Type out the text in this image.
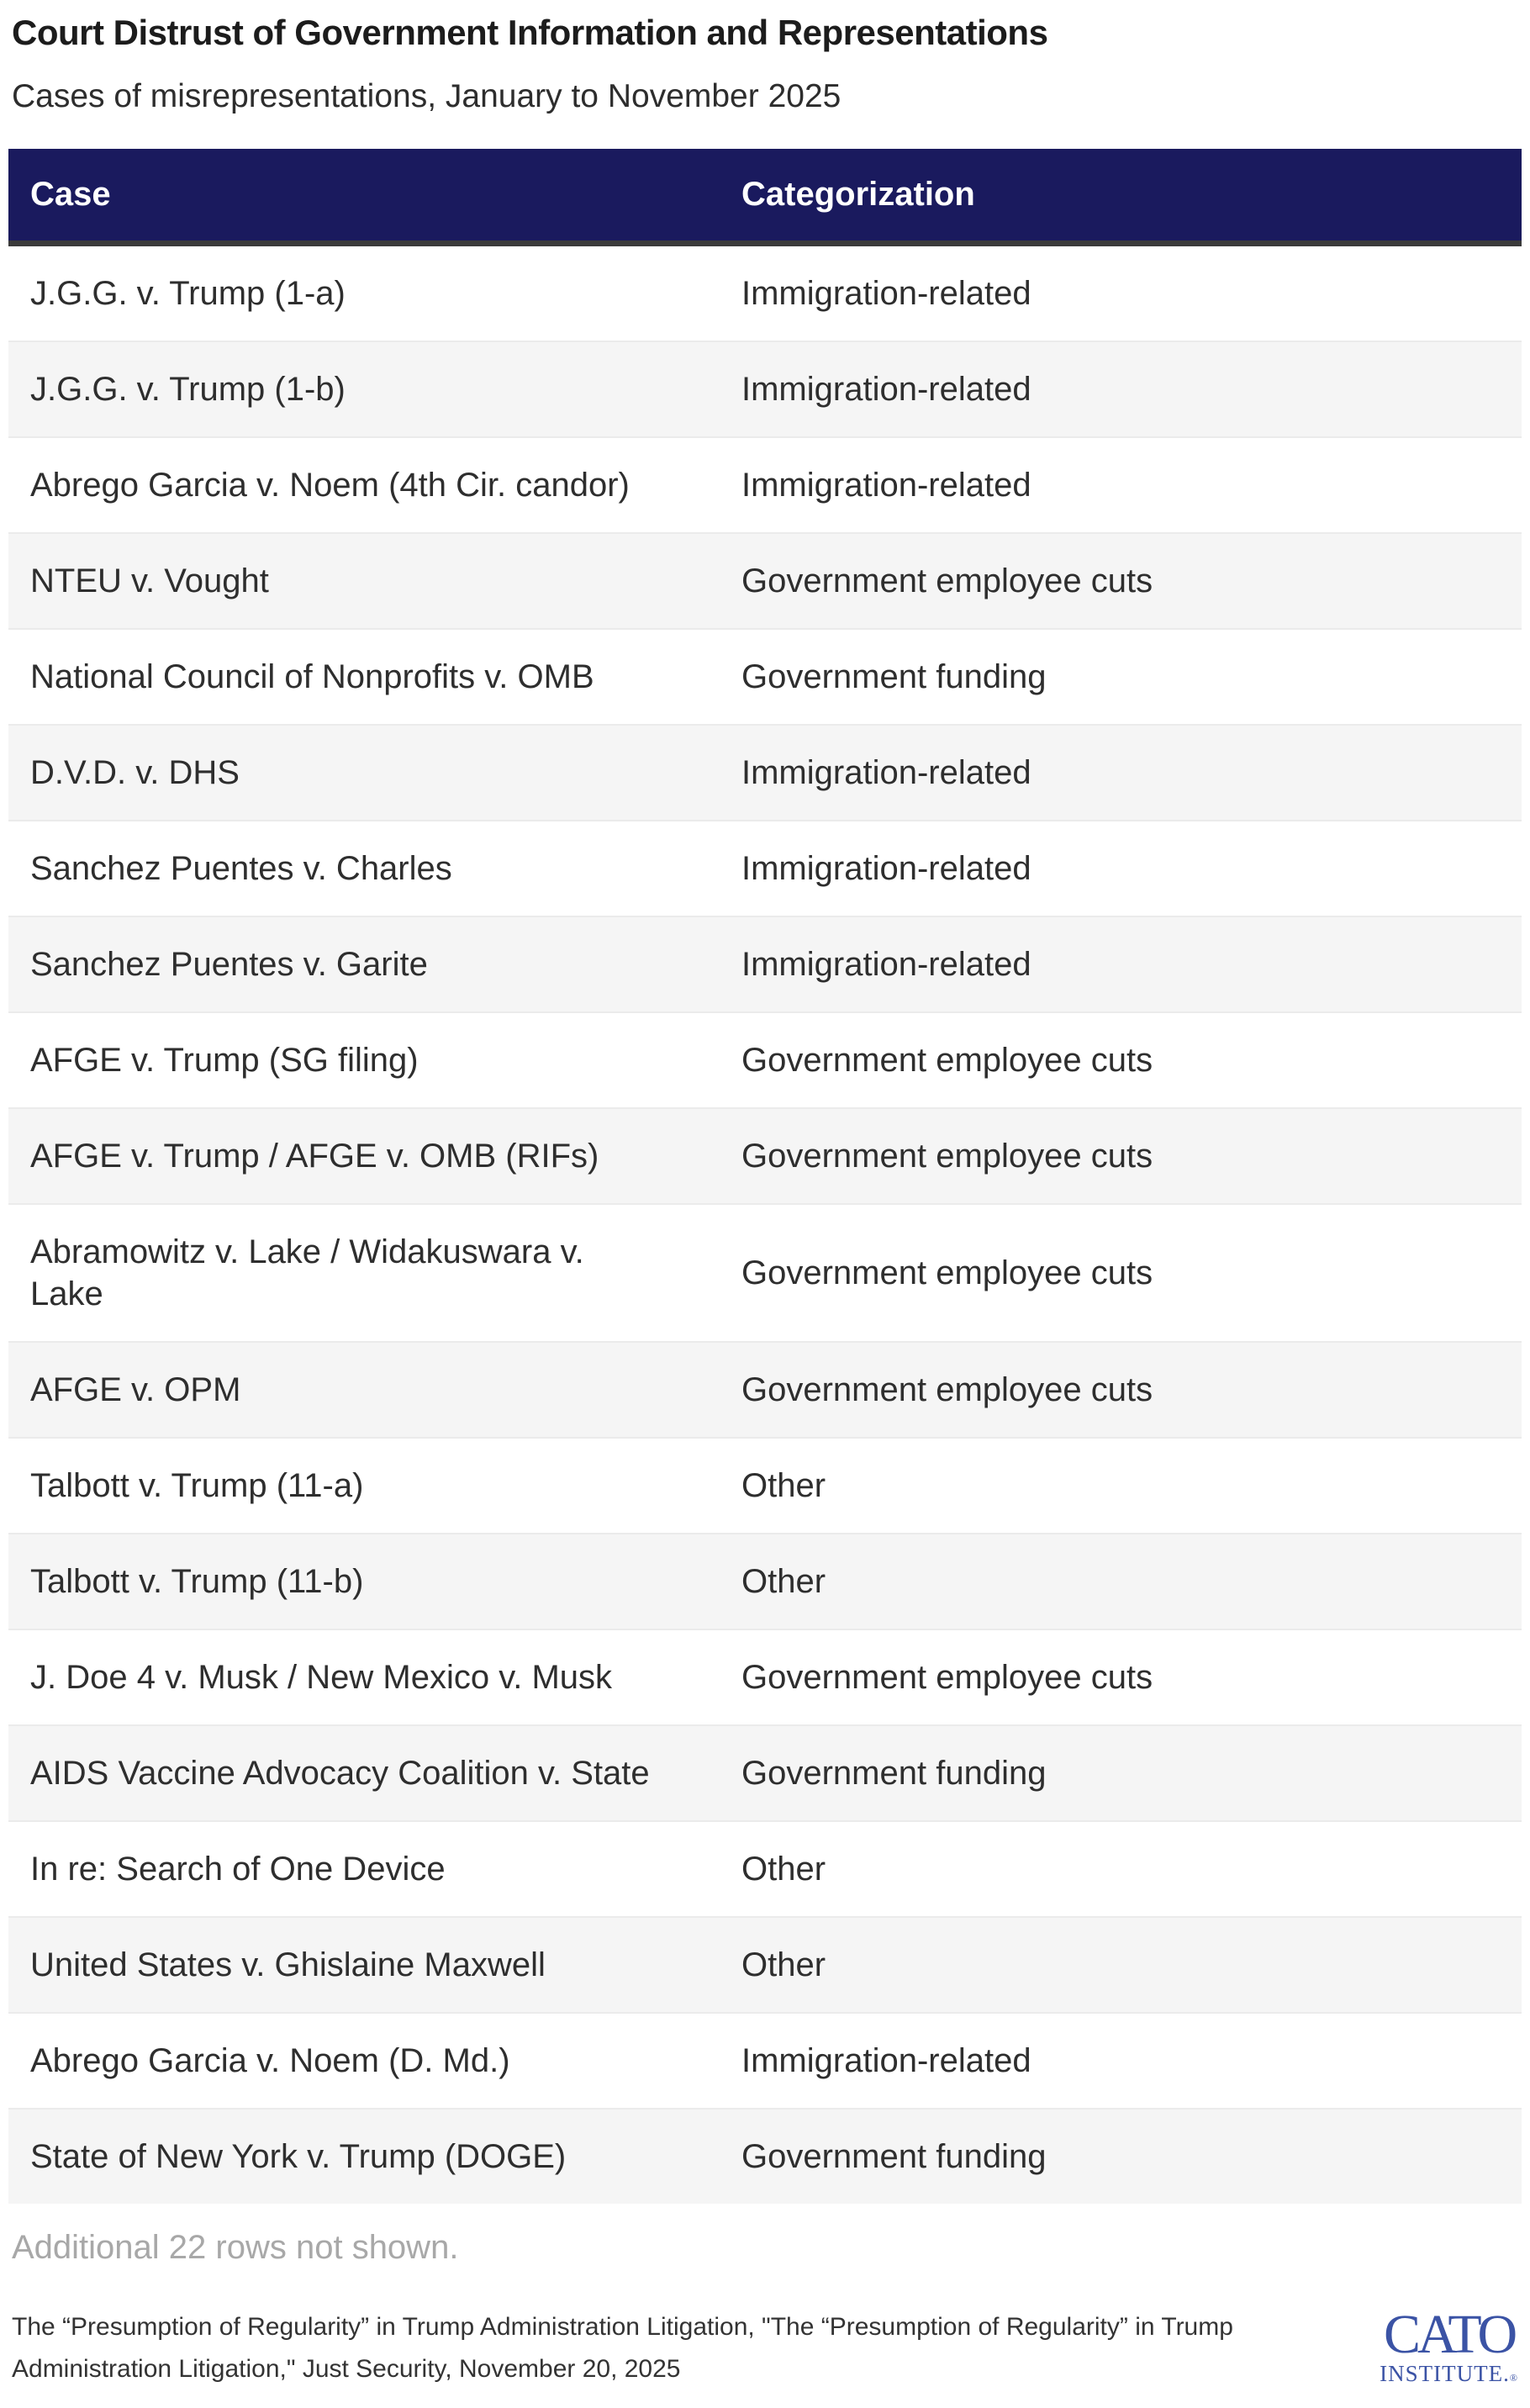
Court Distrust of Government Information and Representations
Cases of misrepresentations, January to November 2025
Case	Categorization
J.G.G. v. Trump (1-a)	Immigration-related
J.G.G. v. Trump (1-b)	Immigration-related
Abrego Garcia v. Noem (4th Cir. candor)	Immigration-related
NTEU v. Vought	Government employee cuts
National Council of Nonprofits v. OMB	Government funding
D.V.D. v. DHS	Immigration-related
Sanchez Puentes v. Charles	Immigration-related
Sanchez Puentes v. Garite	Immigration-related
AFGE v. Trump (SG filing)	Government employee cuts
AFGE v. Trump / AFGE v. OMB (RIFs)	Government employee cuts
Abramowitz v. Lake / Widakuswara v. Lake	Government employee cuts
AFGE v. OPM	Government employee cuts
Talbott v. Trump (11-a)	Other
Talbott v. Trump (11-b)	Other
J. Doe 4 v. Musk / New Mexico v. Musk	Government employee cuts
AIDS Vaccine Advocacy Coalition v. State	Government funding
In re: Search of One Device	Other
United States v. Ghislaine Maxwell	Other
Abrego Garcia v. Noem (D. Md.)	Immigration-related
State of New York v. Trump (DOGE)	Government funding
Additional 22 rows not shown.
The “Presumption of Regularity” in Trump Administration Litigation, "The “Presumption of Regularity” in Trump Administration Litigation," Just Security, November 20, 2025
CATO
INSTITUTE.®
